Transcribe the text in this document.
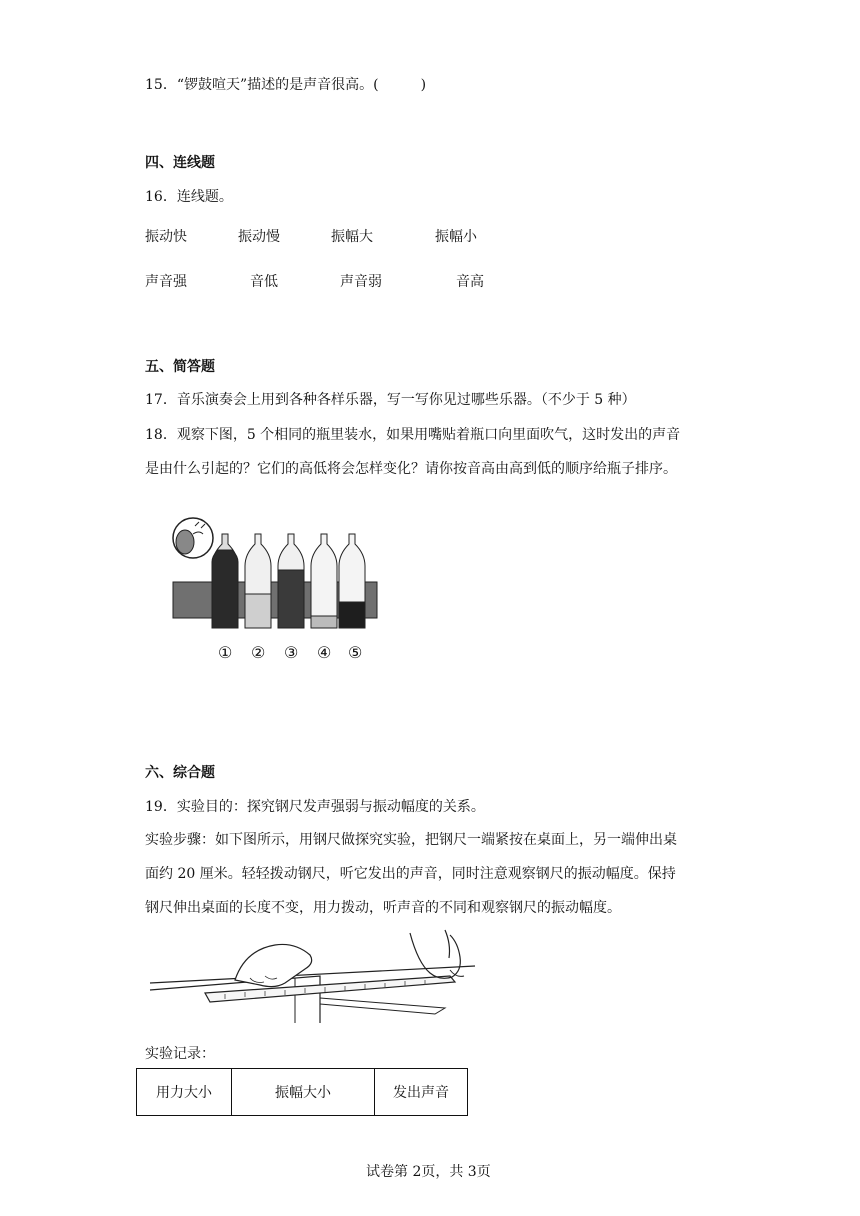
15．“锣鼓喧天”描述的是声音很高。(　　　)
四、连线题
16．连线题。
振动快	振动慢	振幅大	振幅小
声音强	音低	声音弱	音高
五、简答题
17．音乐演奏会上用到各种各样乐器，写一写你见过哪些乐器。（不少于 5 种）
18．观察下图，5 个相同的瓶里装水，如果用嘴贴着瓶口向里面吹气，这时发出的声音
是由什么引起的？它们的高低将会怎样变化？请你按音高由高到低的顺序给瓶子排序。
① ② ③ ④ ⑤
六、综合题
19．实验目的：探究钢尺发声强弱与振动幅度的关系。
实验步骤：如下图所示，用钢尺做探究实验，把钢尺一端紧按在桌面上，另一端伸出桌
面约 20 厘米。轻轻拨动钢尺，听它发出的声音，同时注意观察钢尺的振动幅度。保持
钢尺伸出桌面的长度不变，用力拨动，听声音的不同和观察钢尺的振动幅度。
实验记录：
用力大小	振幅大小	发出声音
试卷第 2页，共 3页
